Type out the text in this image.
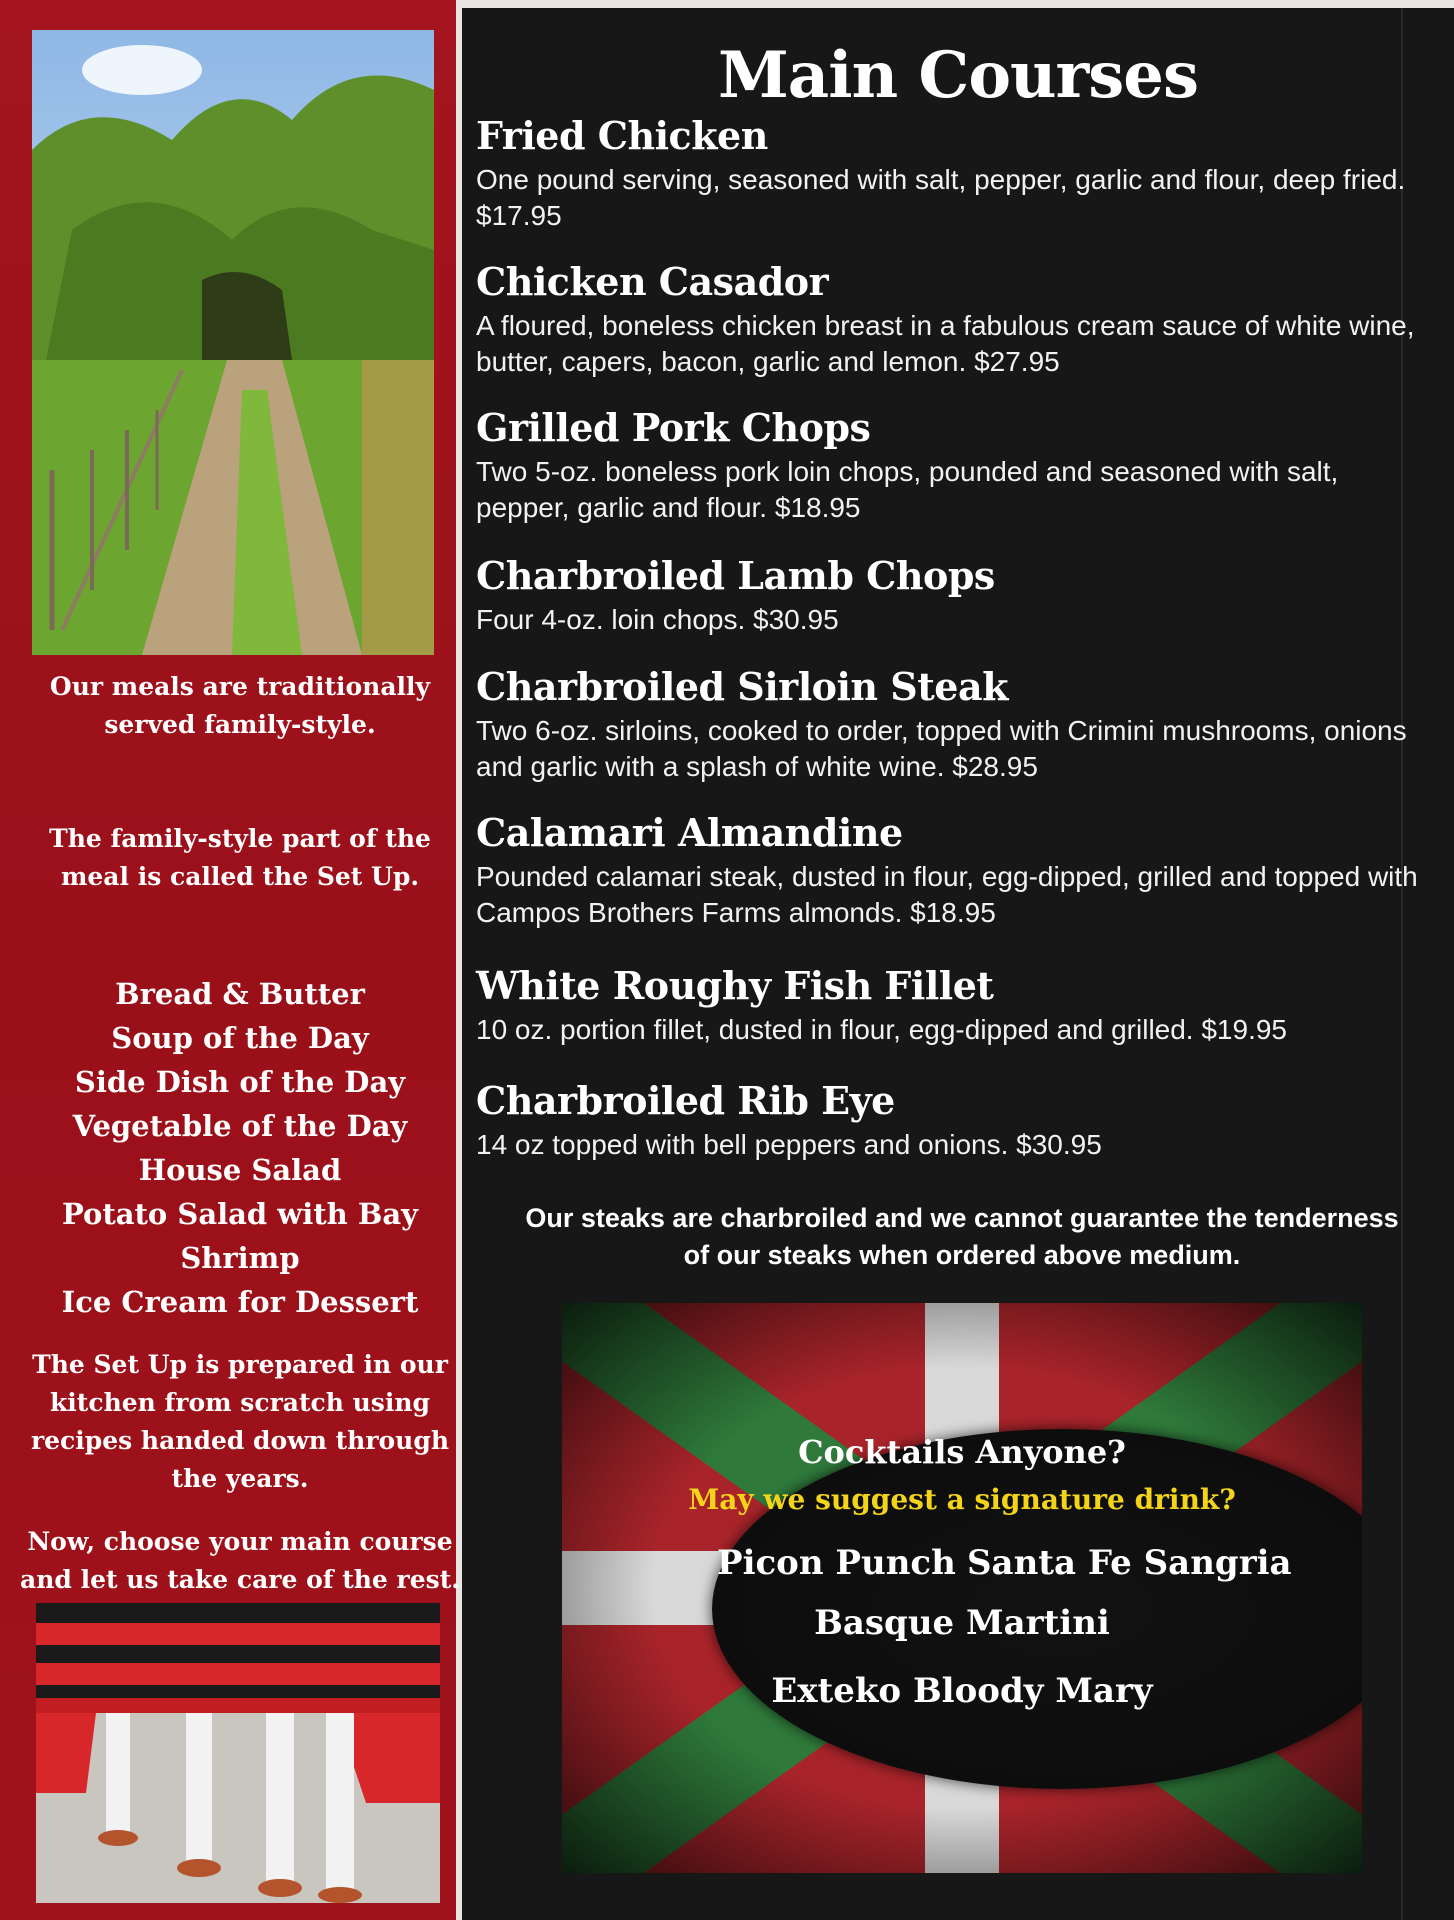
Our meals are traditionally served family-style.
The family-style part of the meal is called the Set Up.
Bread & Butter
Soup of the Day
Side Dish of the Day
Vegetable of the Day
House Salad
Potato Salad with Bay Shrimp
Ice Cream for Dessert
The Set Up is prepared in our kitchen from scratch using recipes handed down through the years.
Now, choose your main course and let us take care of the rest.
Main Courses
Fried Chicken
One pound serving, seasoned with salt, pepper, garlic and flour, deep fried. $17.95
Chicken Casador
A floured, boneless chicken breast in a fabulous cream sauce of white wine, butter, capers, bacon, garlic and lemon. $27.95
Grilled Pork Chops
Two 5-oz. boneless pork loin chops, pounded and seasoned with salt, pepper, garlic and flour. $18.95
Charbroiled Lamb Chops
Four 4-oz. loin chops. $30.95
Charbroiled Sirloin Steak
Two 6-oz. sirloins, cooked to order, topped with Crimini mushrooms, onions and garlic with a splash of white wine. $28.95
Calamari Almandine
Pounded calamari steak, dusted in flour, egg-dipped, grilled and topped with Campos Brothers Farms almonds. $18.95
White Roughy Fish Fillet
10 oz. portion fillet, dusted in flour, egg-dipped and grilled. $19.95
Charbroiled Rib Eye
14 oz topped with bell peppers and onions. $30.95
Our steaks are charbroiled and we cannot guarantee the tenderness of our steaks when ordered above medium.
Cocktails Anyone?
May we suggest a signature drink?
Picon Punch Santa Fe Sangria
Basque Martini
Exteko Bloody Mary
